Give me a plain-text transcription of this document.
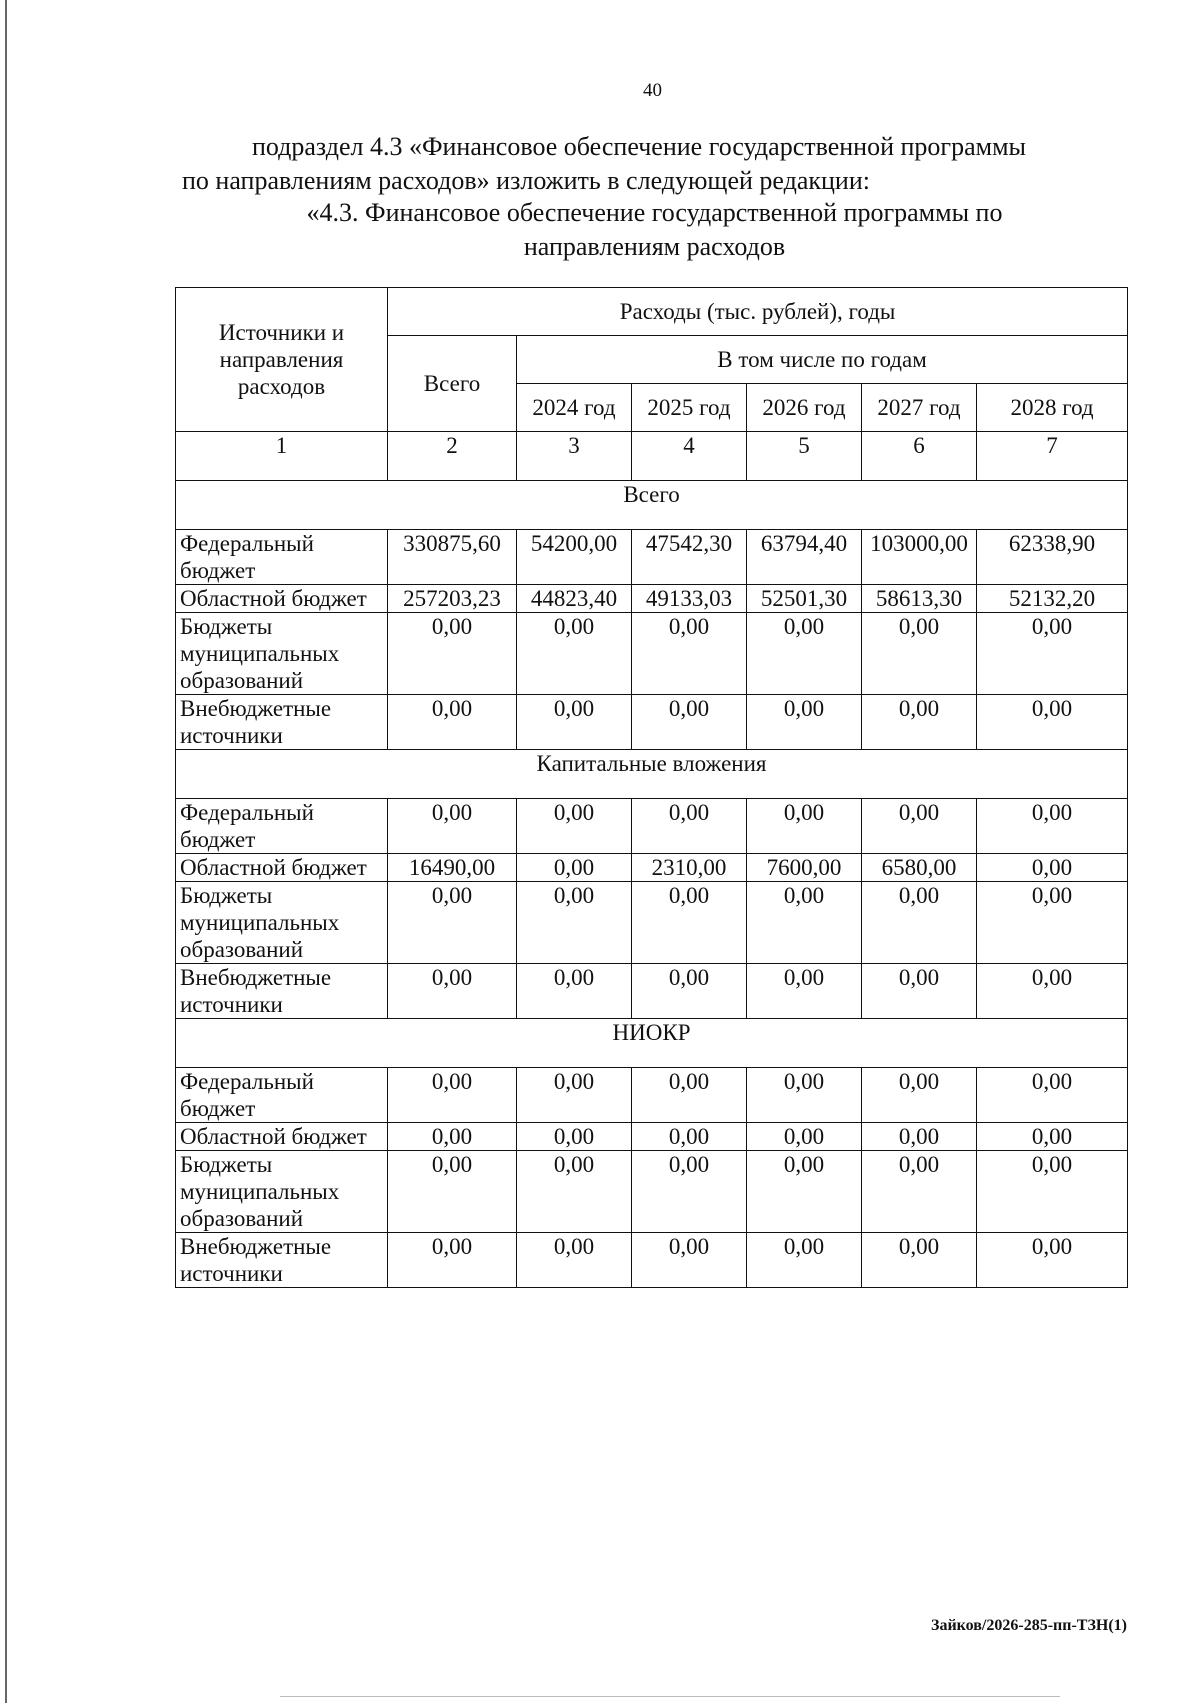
40

подраздел 4.3 «Финансовое обеспечение государственной программы

по направлениям расходов» изложить в следующей редакции:
«4.3. Финансовое обеспечение государственной программы по
направлениям расходов
Источники и направления расходов	Расходы (тыс. рублей), годы					
	Всего	В том числе по годам				
		2024 год	2025 год	2026 год	2027 год	2028 год
1	2	3	4	5	6	7
Всего						
Федеральный бюджет	330875,60	54200,00	47542,30	63794,40	103000,00	62338,90
Областной бюджет	257203,23	44823,40	49133,03	52501,30	58613,30	52132,20
Бюджеты муниципальных образований	0,00	0,00	0,00	0,00	0,00	0,00
Внебюджетные источники	0,00	0,00	0,00	0,00	0,00	0,00
Капитальные вложения						
Федеральный бюджет	0,00	0,00	0,00	0,00	0,00	0,00
Областной бюджет	16490,00	0,00	2310,00	7600,00	6580,00	0,00
Бюджеты муниципальных образований	0,00	0,00	0,00	0,00	0,00	0,00
Внебюджетные источники	0,00	0,00	0,00	0,00	0,00	0,00
НИОКР						
Федеральный бюджет	0,00	0,00	0,00	0,00	0,00	0,00
Областной бюджет	0,00	0,00	0,00	0,00	0,00	0,00
Бюджеты муниципальных образований	0,00	0,00	0,00	0,00	0,00	0,00
Внебюджетные источники	0,00	0,00	0,00	0,00	0,00	0,00
Зайков/2026-285-пп-ТЗН(1)
